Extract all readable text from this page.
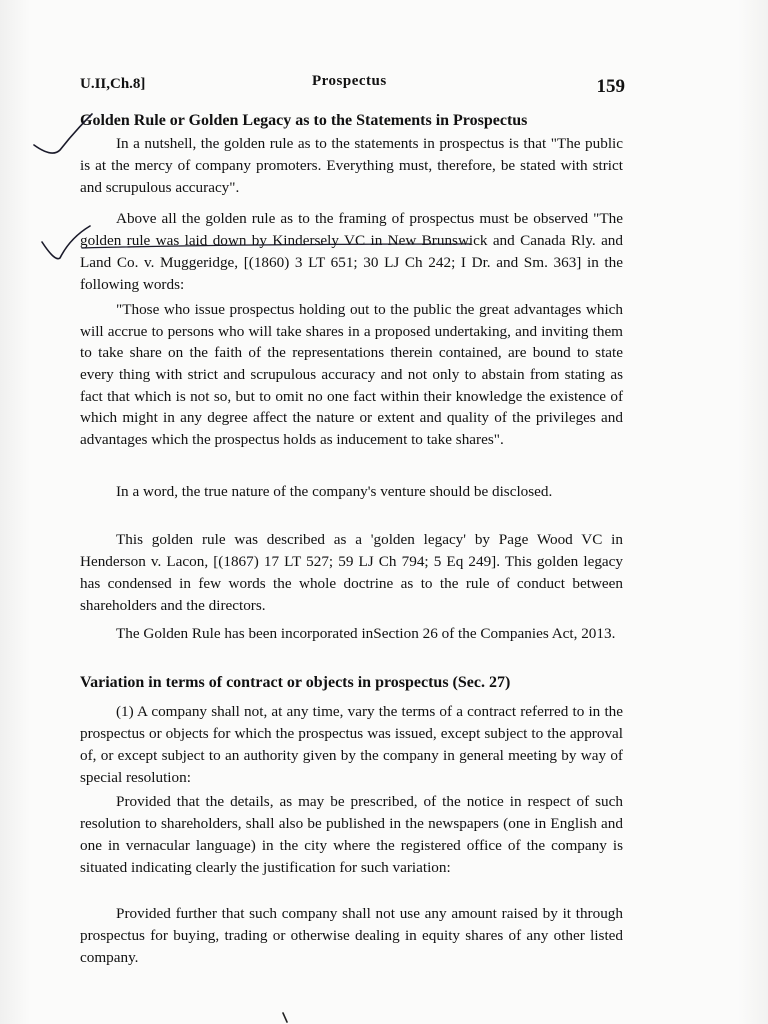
U.II,Ch.8]	Prospectus	159
Golden Rule or Golden Legacy as to the Statements in Prospectus

In a nutshell, the golden rule as to the statements in prospectus is that "The public is at the mercy of company promoters. Everything must, therefore, be stated with strict and scrupulous accuracy".

Above all the golden rule as to the framing of prospectus must be observed "The golden rule was laid down by Kindersely VC in New Brunswick and Canada Rly. and Land Co. v. Muggeridge, [(1860) 3 LT 651; 30 LJ Ch 242; I Dr. and Sm. 363] in the following words:

"Those who issue prospectus holding out to the public the great advantages which will accrue to persons who will take shares in a proposed undertaking, and inviting them to take share on the faith of the representations therein contained, are bound to state every thing with strict and scrupulous accuracy and not only to abstain from stating as fact that which is not so, but to omit no one fact within their knowledge the existence of which might in any degree affect the nature or extent and quality of the privileges and advantages which the prospectus holds as inducement to take shares".

In a word, the true nature of the company's venture should be disclosed.

This golden rule was described as a 'golden legacy' by Page Wood VC in Henderson v. Lacon, [(1867) 17 LT 527; 59 LJ Ch 794; 5 Eq 249]. This golden legacy has condensed in few words the whole doctrine as to the rule of conduct between shareholders and the directors.

The Golden Rule has been incorporated inSection 26 of the Companies Act, 2013.

Variation in terms of contract or objects in prospectus (Sec. 27)

(1) A company shall not, at any time, vary the terms of a contract referred to in the prospectus or objects for which the prospectus was issued, except subject to the approval of, or except subject to an authority given by the company in general meeting by way of special resolution:

Provided that the details, as may be prescribed, of the notice in respect of such resolution to shareholders, shall also be published in the newspapers (one in English and one in vernacular language) in the city where the registered office of the company is situated indicating clearly the justification for such variation:

Provided further that such company shall not use any amount raised by it through prospectus for buying, trading or otherwise dealing in equity shares of any other listed company.
